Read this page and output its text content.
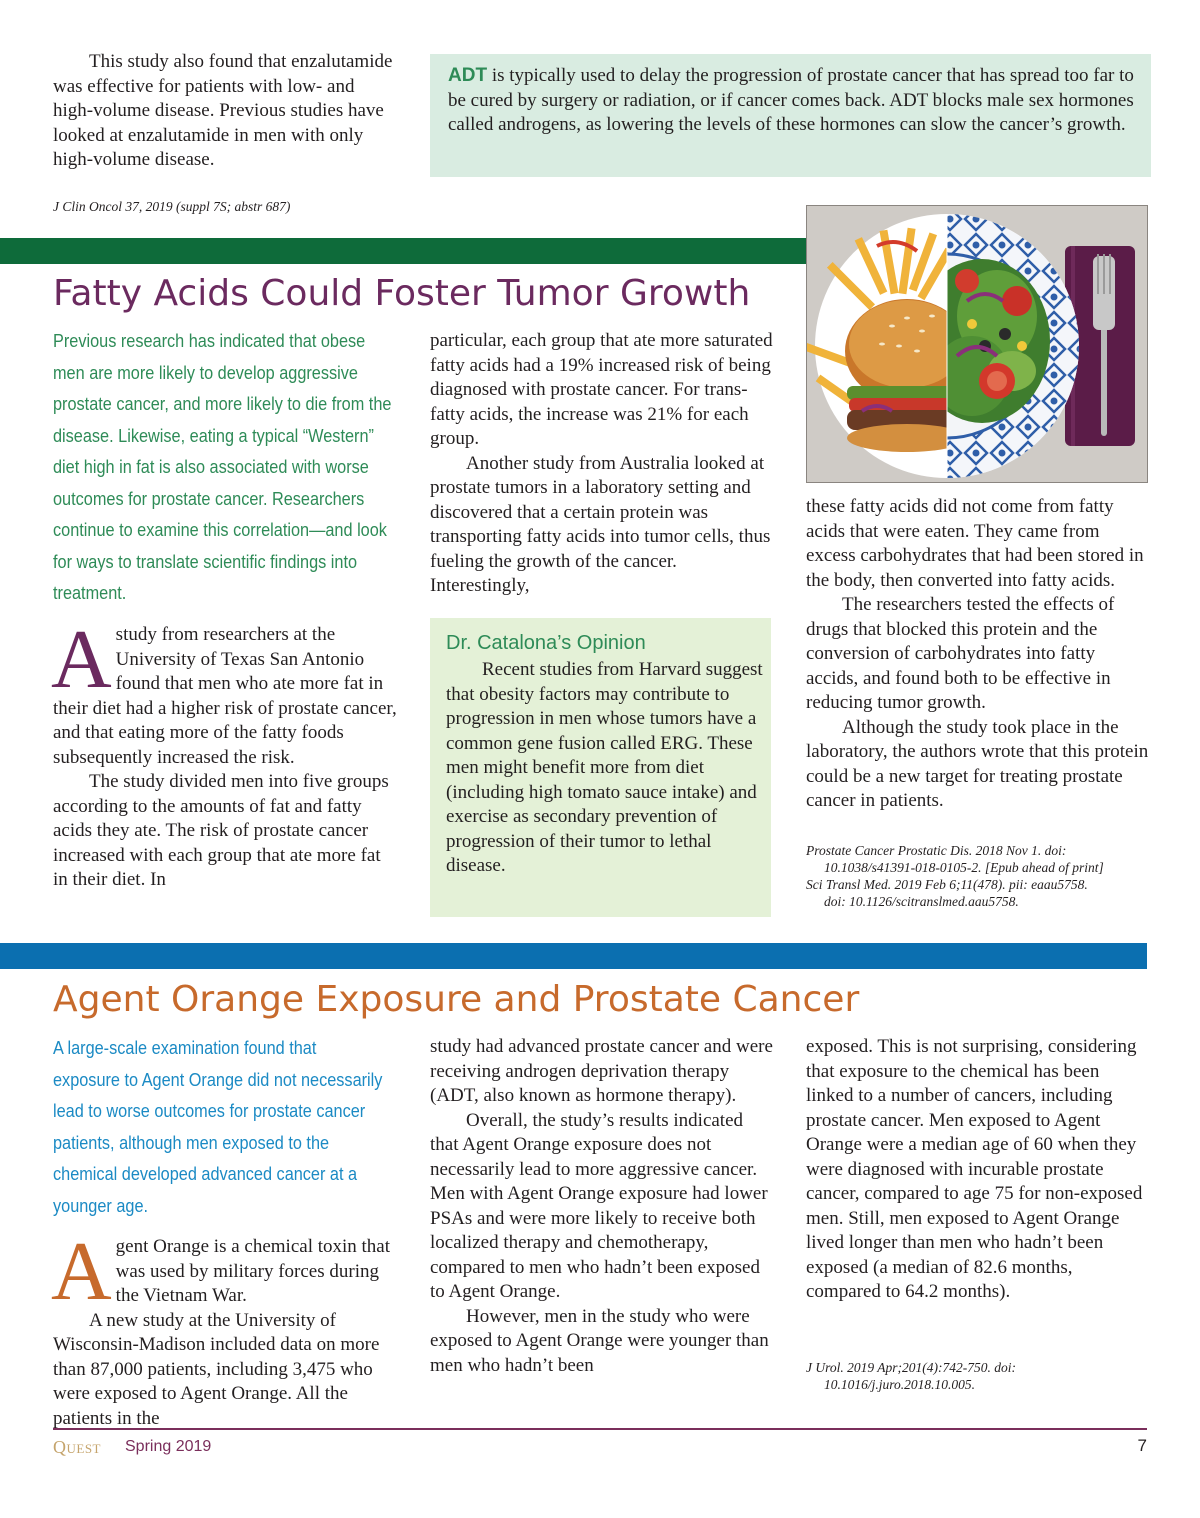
This study also found that enzalutamide was effective for patients with low- and high-volume disease. Previous studies have looked at enzalutamide in men with only high-volume disease.

J Clin Oncol 37, 2019 (suppl 7S; abstr 687)
ADT is typically used to delay the progression of prostate cancer that has spread too far to be cured by surgery or radiation, or if cancer comes back. ADT blocks male sex hormones called androgens, as lowering the levels of these hormones can slow the cancer’s growth.
Fatty Acids Could Foster Tumor Growth
Previous research has indicated that obese men are more likely to develop aggressive prostate cancer, and more likely to die from the disease. Likewise, eating a typical “Western” diet high in fat is also associated with worse outcomes for prostate cancer. Researchers continue to examine this correlation—and look for ways to translate scientific findings into treatment.
A study from researchers at the University of Texas San Antonio found that men who ate more fat in their diet had a higher risk of prostate cancer, and that eating more of the fatty foods subsequently increased the risk.

The study divided men into five groups according to the amounts of fat and fatty acids they ate. The risk of prostate cancer increased with each group that ate more fat in their diet. In

particular, each group that ate more saturated fatty acids had a 19% increased risk of being diagnosed with prostate cancer. For trans-fatty acids, the increase was 21% for each group.

Another study from Australia looked at prostate tumors in a laboratory setting and discovered that a certain protein was transporting fatty acids into tumor cells, thus fueling the growth of the cancer. Interestingly,

Dr. Catalona’s Opinion
Recent studies from Harvard suggest that obesity factors may contribute to progression in men whose tumors have a common gene fusion called ERG. These men might benefit more from diet (including high tomato sauce intake) and exercise as secondary prevention of progression of their tumor to lethal disease.

these fatty acids did not come from fatty acids that were eaten. They came from excess carbohydrates that had been stored in the body, then converted into fatty acids.

The researchers tested the effects of drugs that blocked this protein and the conversion of carbohydrates into fatty accids, and found both to be effective in reducing tumor growth.

Although the study took place in the laboratory, the authors wrote that this protein could be a new target for treating prostate cancer in patients.

Prostate Cancer Prostatic Dis. 2018 Nov 1. doi:
10.1038/s41391-018-0105-2. [Epub ahead of print]
Sci Transl Med. 2019 Feb 6;11(478). pii: eaau5758.
doi: 10.1126/scitranslmed.aau5758.
Agent Orange Exposure and Prostate Cancer
A large-scale examination found that exposure to Agent Orange did not necessarily lead to worse outcomes for prostate cancer patients, although men exposed to the chemical developed advanced cancer at a younger age.
A gent Orange is a chemical toxin that was used by military forces during the Vietnam War.

A new study at the University of Wisconsin-Madison included data on more than 87,000 patients, including 3,475 who were exposed to Agent Orange. All the patients in the

study had advanced prostate cancer and were receiving androgen deprivation therapy (ADT, also known as hormone therapy).

Overall, the study’s results indicated that Agent Orange exposure does not necessarily lead to more aggressive cancer. Men with Agent Orange exposure had lower PSAs and were more likely to receive both localized therapy and chemotherapy, compared to men who hadn’t been exposed to Agent Orange.

However, men in the study who were exposed to Agent Orange were younger than men who hadn’t been

exposed. This is not surprising, considering that exposure to the chemical has been linked to a number of cancers, including prostate cancer. Men exposed to Agent Orange were a median age of 60 when they were diagnosed with incurable prostate cancer, compared to age 75 for non-exposed men. Still, men exposed to Agent Orange lived longer than men who hadn’t been exposed (a median of 82.6 months, compared to 64.2 months).

J Urol. 2019 Apr;201(4):742-750. doi:
10.1016/j.juro.2018.10.005.
Quest Spring 2019	7
